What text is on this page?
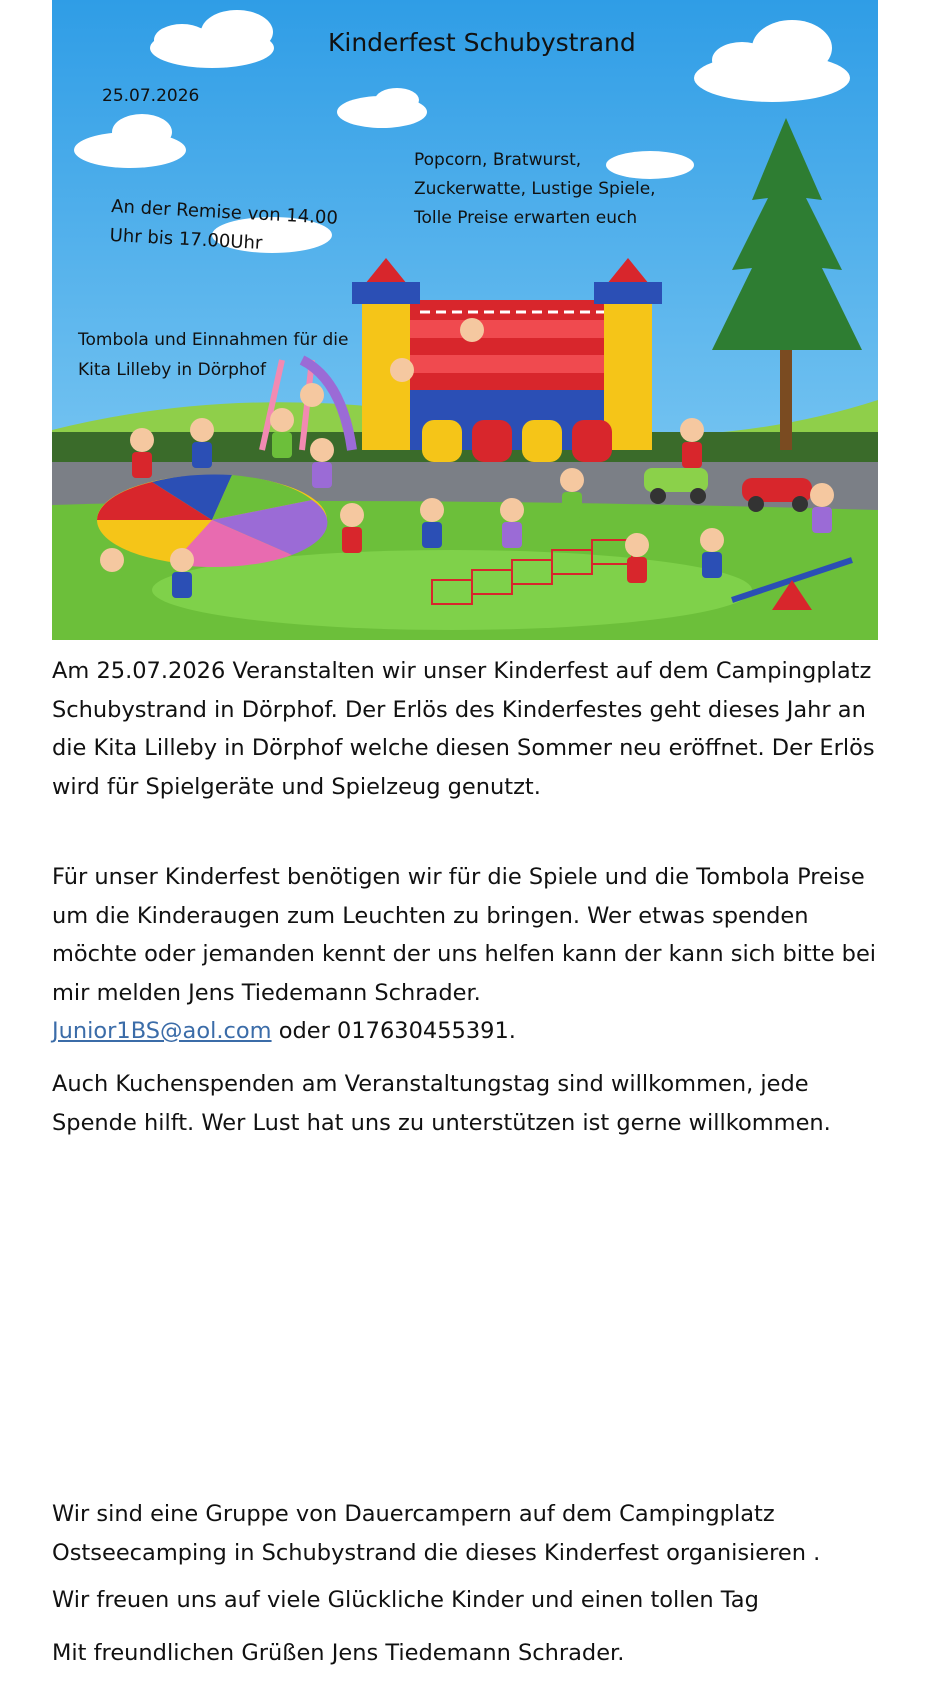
Kinderfest Schubystrand
25.07.2026
An der Remise von 14.00
Uhr bis 17.00Uhr
Popcorn, Bratwurst,
Zuckerwatte, Lustige Spiele,
Tolle Preise erwarten euch
Tombola und Einnahmen für die
Kita Lilleby in Dörphof

Am 25.07.2026 Veranstalten wir unser Kinderfest auf dem Campingplatz Schubystrand in Dörphof. Der Erlös des Kinderfestes geht dieses Jahr an die Kita Lilleby in Dörphof welche diesen Sommer neu eröffnet. Der Erlös wird für Spielgeräte und Spielzeug genutzt.

Für unser Kinderfest benötigen wir für die Spiele und die Tombola Preise um die Kinderaugen zum Leuchten zu bringen. Wer etwas spenden möchte oder jemanden kennt der uns helfen kann der kann sich bitte bei mir melden Jens Tiedemann Schrader.
Junior1BS@aol.com oder 017630455391.

Auch Kuchenspenden am Veranstaltungstag sind willkommen, jede Spende hilft. Wer Lust hat uns zu unterstützen ist gerne willkommen.

Wir sind eine Gruppe von Dauercampern auf dem Campingplatz Ostseecamping in Schubystrand die dieses Kinderfest organisieren .

Wir freuen uns auf viele Glückliche Kinder und einen tollen Tag

Mit freundlichen Grüßen Jens Tiedemann Schrader.
